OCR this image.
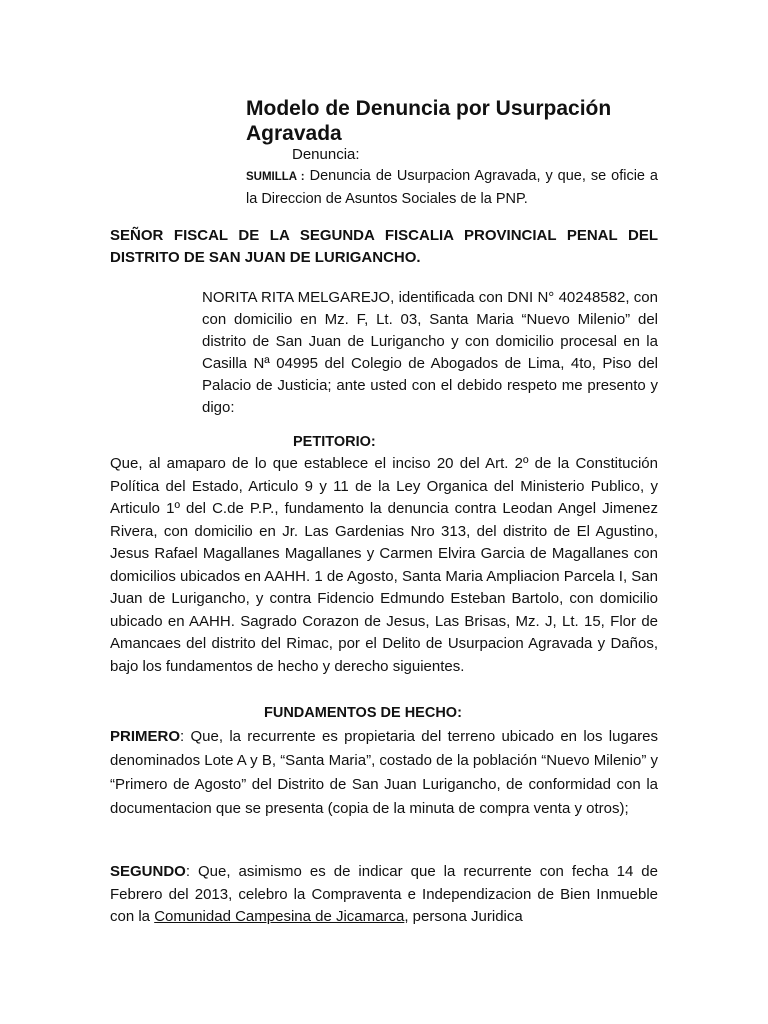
Modelo de Denuncia por Usurpación Agravada
Denuncia:
SUMILLA : Denuncia de Usurpacion Agravada, y que, se oficie a la Direccion de Asuntos Sociales de la PNP.
SEÑOR FISCAL DE LA SEGUNDA FISCALIA PROVINCIAL PENAL DEL DISTRITO DE SAN JUAN DE LURIGANCHO.
NORITA RITA MELGAREJO, identificada con DNI N° 40248582, con con domicilio en Mz. F, Lt. 03, Santa Maria “Nuevo Milenio” del distrito de San Juan de Lurigancho y con domicilio procesal en la Casilla Nª 04995 del Colegio de Abogados de Lima, 4to, Piso del Palacio de Justicia; ante usted con el debido respeto me presento y digo:
PETITORIO:
Que, al amaparo de lo que establece el inciso 20 del Art. 2º de la Constitución Política del Estado, Articulo 9 y 11 de la Ley Organica del Ministerio Publico, y Articulo 1º del C.de P.P., fundamento la denuncia contra Leodan Angel Jimenez Rivera, con domicilio en Jr. Las Gardenias Nro 313, del distrito de El Agustino, Jesus Rafael Magallanes Magallanes y Carmen Elvira Garcia de Magallanes con domicilios ubicados en AAHH. 1 de Agosto, Santa Maria Ampliacion Parcela I, San Juan de Lurigancho, y contra Fidencio Edmundo Esteban Bartolo, con domicilio ubicado en AAHH. Sagrado Corazon de Jesus, Las Brisas, Mz. J, Lt. 15, Flor de Amancaes del distrito del Rimac, por el Delito de Usurpacion Agravada y Daños, bajo los fundamentos de hecho y derecho siguientes.
FUNDAMENTOS DE HECHO:
PRIMERO: Que, la recurrente es propietaria del terreno ubicado en los lugares denominados Lote A y B, “Santa Maria”, costado de la población “Nuevo Milenio” y “Primero de Agosto” del Distrito de San Juan Lurigancho, de conformidad con la documentacion que se presenta (copia de la minuta de compra venta y otros);
SEGUNDO: Que, asimismo es de indicar que la recurrente con fecha 14 de Febrero del 2013, celebro la Compraventa e Independizacion de Bien Inmueble con la Comunidad Campesina de Jicamarca, persona Juridica
